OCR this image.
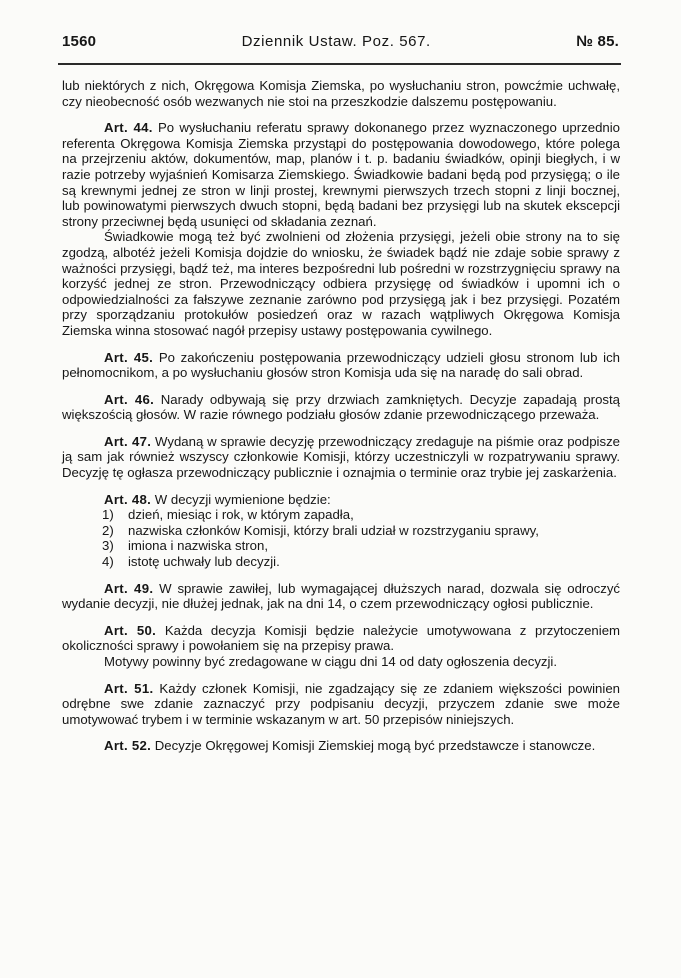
1560	Dziennik Ustaw. Poz. 567.	№ 85.

lub niektórych z nich, Okręgowa Komisja Ziemska, po wysłuchaniu stron, powcźmie uchwałę, czy nieobecność osób wezwanych nie stoi na przeszkodzie dalszemu postępowaniu.

Art. 44. Po wysłuchaniu referatu sprawy dokonanego przez wyznaczonego uprzednio referenta Okręgowa Komisja Ziemska przystąpi do postępowania dowodowego, które polega na przejrzeniu aktów, dokumentów, map, planów i t. p. badaniu świadków, opinji biegłych, i w razie potrzeby wyjaśnień Komisarza Ziemskiego. Świadkowie badani będą pod przysięgą; o ile są krewnymi jednej ze stron w linji prostej, krewnymi pierwszych trzech stopni z linji bocznej, lub powinowatymi pierwszych dwuch stopni, będą badani bez przysięgi lub na skutek ekscepcji strony przeciwnej będą usunięci od składania zeznań.

Świadkowie mogą też być zwolnieni od złożenia przysięgi, jeżeli obie strony na to się zgodzą, albotéż jeżeli Komisja dojdzie do wniosku, że świadek bądź nie zdaje sobie sprawy z ważności przysięgi, bądź też, ma interes bezpośredni lub pośredni w rozstrzygnięciu sprawy na korzyść jednej ze stron. Przewodniczący odbiera przysięgę od świadków i upomni ich o odpowiedzialności za fałszywe zeznanie zarówno pod przysięgą jak i bez przysięgi. Pozatém przy sporządzaniu protokułów posiedzeń oraz w razach wątpliwych Okręgowa Komisja Ziemska winna stosować nagół przepisy ustawy postępowania cywilnego.

Art. 45. Po zakończeniu postępowania przewodniczący udzieli głosu stronom lub ich pełnomocnikom, a po wysłuchaniu głosów stron Komisja uda się na naradę do sali obrad.

Art. 46. Narady odbywają się przy drzwiach zamkniętych. Decyzje zapadają prostą większością głosów. W razie równego podziału głosów zdanie przewodniczącego przeważa.

Art. 47. Wydaną w sprawie decyzję przewodniczący zredaguje na piśmie oraz podpisze ją sam jak również wszyscy członkowie Komisji, którzy uczestniczyli w rozpatrywaniu sprawy. Decyzję tę ogłasza przewodniczący publicznie i oznajmia o terminie oraz trybie jej zaskarżenia.

Art. 48. W decyzji wymienione będzie:

1)	dzień, miesiąc i rok, w którym zapadła,
2)	nazwiska członków Komisji, którzy brali udział w rozstrzyganiu sprawy,
3)	imiona i nazwiska stron,
4)	istotę uchwały lub decyzji.

Art. 49. W sprawie zawiłej, lub wymagającej dłuższych narad, dozwala się odroczyć wydanie decyzji, nie dłużej jednak, jak na dni 14, o czem przewodniczący ogłosi publicznie.

Art. 50. Każda decyzja Komisji będzie należycie umotywowana z przytoczeniem okoliczności sprawy i powołaniem się na przepisy prawa.

Motywy powinny być zredagowane w ciągu dni 14 od daty ogłoszenia decyzji.

Art. 51. Każdy członek Komisji, nie zgadzający się ze zdaniem większości powinien odrębne swe zdanie zaznaczyć przy podpisaniu decyzji, przyczem zdanie swe może umotywować trybem i w terminie wskazanym w art. 50 przepisów niniejszych.

Art. 52. Decyzje Okręgowej Komisji Ziemskiej mogą być przedstawcze i stanowcze.
